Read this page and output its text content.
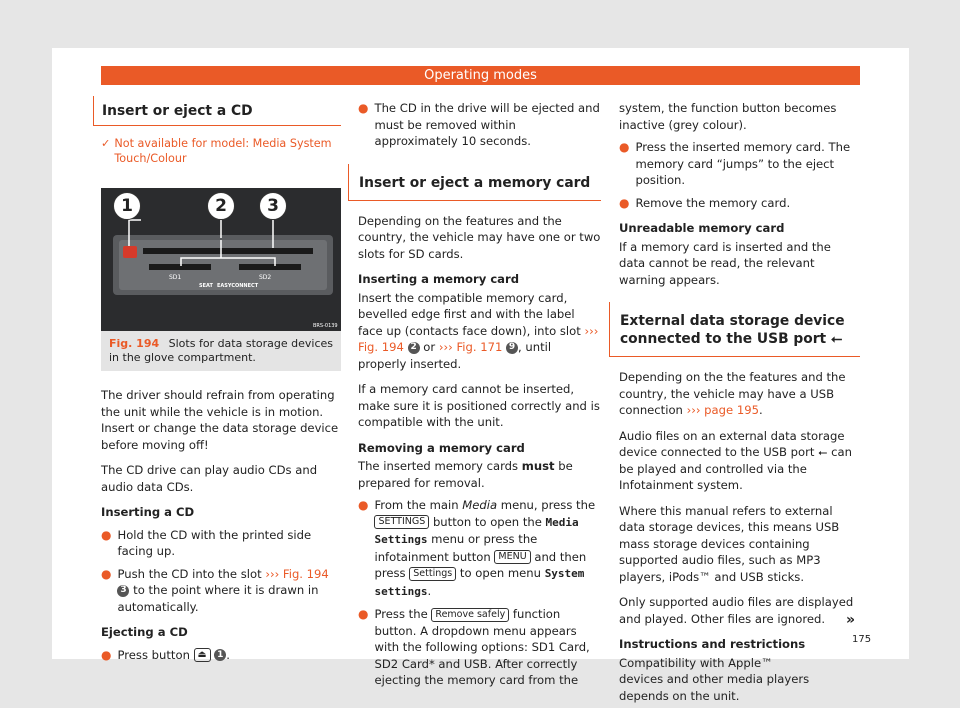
Operating modes
Insert or eject a CD
✓ Not available for model: Media System Touch/Colour
SD1	SD2
SEAT EASYCONNECT
BRS-0139
1	2	3
Fig. 194 Slots for data storage devices in the glove compartment.

The driver should refrain from operating the unit while the vehicle is in motion. Insert or change the data storage device before moving off!

The CD drive can play audio CDs and audio data CDs.

Inserting a CD
● Hold the CD with the printed side facing up.
● Push the CD into the slot ››› Fig. 194 3 to the point where it is drawn in automatically.
Ejecting a CD
● Press button ⏏ 1 .
● The CD in the drive will be ejected and must be removed within approximately 10 seconds.
Insert or eject a memory card

Depending on the features and the country, the vehicle may have one or two slots for SD cards.

Inserting a memory card

Insert the compatible memory card, bevelled edge first and with the label face up (contacts face down), into slot ››› Fig. 194 2 or ››› Fig. 171 9 , until properly inserted.

If a memory card cannot be inserted, make sure it is positioned correctly and is compatible with the unit.

Removing a memory card

The inserted memory cards must be prepared for removal.

● From the main Media menu, press the SETTINGS button to open the Media Settings menu or press the infotainment button MENU and then press Settings to open menu System settings.
● Press the Remove safely function button. A dropdown menu appears with the following options: SD1 Card, SD2 Card* and USB. After correctly ejecting the memory card from the

system, the function button becomes inactive (grey colour).

● Press the inserted memory card. The memory card “jumps” to the eject position.
● Remove the memory card.
Unreadable memory card

If a memory card is inserted and the data cannot be read, the relevant warning appears.

External data storage device connected to the USB port ⭠

Depending on the the features and the country, the vehicle may have a USB connection ››› page 195.

Audio files on an external data storage device connected to the USB port ⭠ can be played and controlled via the Infotainment system.

Where this manual refers to external data storage devices, this means USB mass storage devices containing supported audio files, such as MP3 players, iPods™ and USB sticks.

Only supported audio files are displayed and played. Other files are ignored.

Instructions and restrictions

Compatibility with Apple™ devices and other media players depends on the unit.

»
175
